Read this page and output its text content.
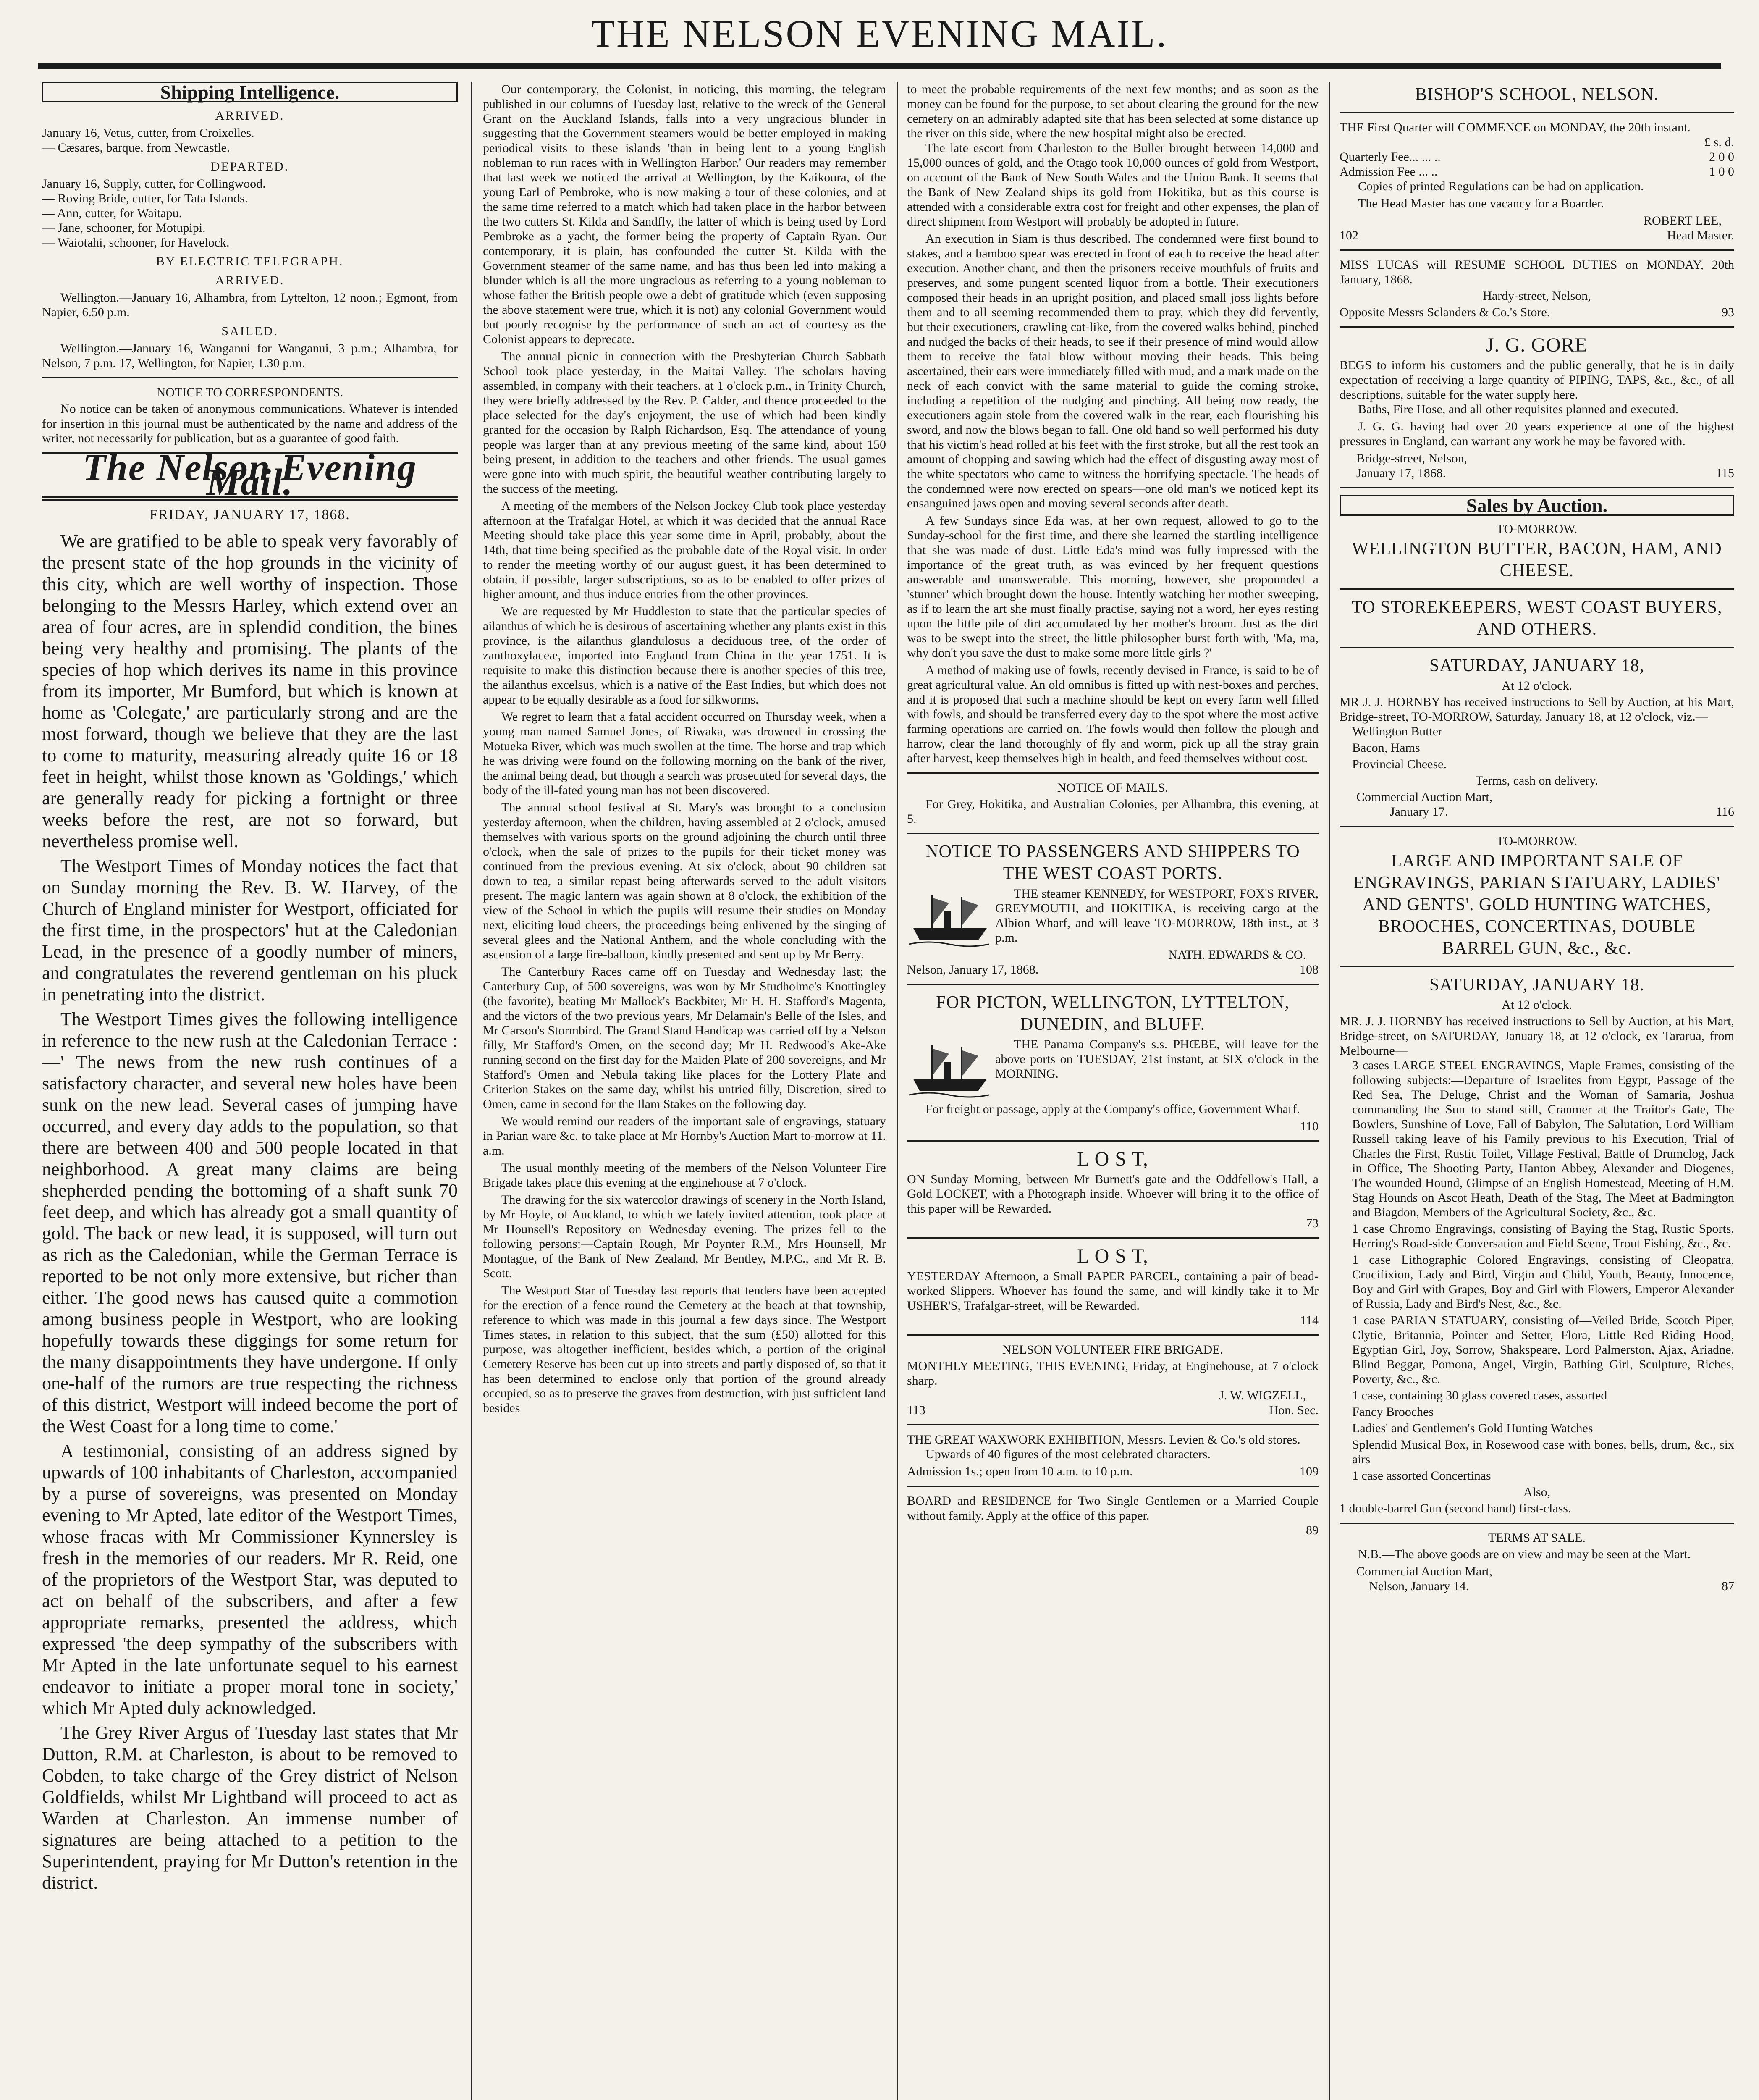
THE NELSON EVENING MAIL.
Shipping Intelligence.

ARRIVED.

January 16, Vetus, cutter, from Croixelles.

— Cæsares, barque, from Newcastle.

DEPARTED.

January 16, Supply, cutter, for Collingwood.

— Roving Bride, cutter, for Tata Islands.

— Ann, cutter, for Waitapu.

— Jane, schooner, for Motupipi.

— Waiotahi, schooner, for Havelock.

BY ELECTRIC TELEGRAPH.

ARRIVED.

Wellington.—January 16, Alhambra, from Lyttelton, 12 noon.; Egmont, from Napier, 6.50 p.m.

SAILED.

Wellington.—January 16, Wanganui for Wanganui, 3 p.m.; Alhambra, for Nelson, 7 p.m. 17, Wellington, for Napier, 1.30 p.m.

NOTICE TO CORRESPONDENTS.

No notice can be taken of anonymous communications. Whatever is intended for insertion in this journal must be authenticated by the name and address of the writer, not necessarily for publication, but as a guarantee of good faith.

The Nelson Evening Mail.
FRIDAY, JANUARY 17, 1868.

We are gratified to be able to speak very favorably of the present state of the hop grounds in the vicinity of this city, which are well worthy of inspection. Those belonging to the Messrs Harley, which extend over an area of four acres, are in splendid condition, the bines being very healthy and promising. The plants of the species of hop which derives its name in this province from its importer, Mr Bumford, but which is known at home as 'Colegate,' are particularly strong and are the most forward, though we believe that they are the last to come to maturity, measuring already quite 16 or 18 feet in height, whilst those known as 'Goldings,' which are generally ready for picking a fortnight or three weeks before the rest, are not so forward, but nevertheless promise well.

The Westport Times of Monday notices the fact that on Sunday morning the Rev. B. W. Harvey, of the Church of England minister for Westport, officiated for the first time, in the prospectors' hut at the Caledonian Lead, in the presence of a goodly number of miners, and congratulates the reverend gentleman on his pluck in penetrating into the district.

The Westport Times gives the following intelligence in reference to the new rush at the Caledonian Terrace :—' The news from the new rush continues of a satisfactory character, and several new holes have been sunk on the new lead. Several cases of jumping have occurred, and every day adds to the population, so that there are between 400 and 500 people located in that neighborhood. A great many claims are being shepherded pending the bottoming of a shaft sunk 70 feet deep, and which has already got a small quantity of gold. The back or new lead, it is supposed, will turn out as rich as the Caledonian, while the German Terrace is reported to be not only more extensive, but richer than either. The good news has caused quite a commotion among business people in Westport, who are looking hopefully towards these diggings for some return for the many disappointments they have undergone. If only one-half of the rumors are true respecting the richness of this district, Westport will indeed become the port of the West Coast for a long time to come.'

A testimonial, consisting of an address signed by upwards of 100 inhabitants of Charleston, accompanied by a purse of sovereigns, was presented on Monday evening to Mr Apted, late editor of the Westport Times, whose fracas with Mr Commissioner Kynnersley is fresh in the memories of our readers. Mr R. Reid, one of the proprietors of the Westport Star, was deputed to act on behalf of the subscribers, and after a few appropriate remarks, presented the address, which expressed 'the deep sympathy of the subscribers with Mr Apted in the late unfortunate sequel to his earnest endeavor to initiate a proper moral tone in society,' which Mr Apted duly acknowledged.

The Grey River Argus of Tuesday last states that Mr Dutton, R.M. at Charleston, is about to be removed to Cobden, to take charge of the Grey district of Nelson Goldfields, whilst Mr Lightband will proceed to act as Warden at Charleston. An immense number of signatures are being attached to a petition to the Superintendent, praying for Mr Dutton's retention in the district.

Our contemporary, the Colonist, in noticing, this morning, the telegram published in our columns of Tuesday last, relative to the wreck of the General Grant on the Auckland Islands, falls into a very ungracious blunder in suggesting that the Government steamers would be better employed in making periodical visits to these islands 'than in being lent to a young English nobleman to run races with in Wellington Harbor.' Our readers may remember that last week we noticed the arrival at Wellington, by the Kaikoura, of the young Earl of Pembroke, who is now making a tour of these colonies, and at the same time referred to a match which had taken place in the harbor between the two cutters St. Kilda and Sandfly, the latter of which is being used by Lord Pembroke as a yacht, the former being the property of Captain Ryan. Our contemporary, it is plain, has confounded the cutter St. Kilda with the Government steamer of the same name, and has thus been led into making a blunder which is all the more ungracious as referring to a young nobleman to whose father the British people owe a debt of gratitude which (even supposing the above statement were true, which it is not) any colonial Government would but poorly recognise by the performance of such an act of courtesy as the Colonist appears to deprecate.

The annual picnic in connection with the Presbyterian Church Sabbath School took place yesterday, in the Maitai Valley. The scholars having assembled, in company with their teachers, at 1 o'clock p.m., in Trinity Church, they were briefly addressed by the Rev. P. Calder, and thence proceeded to the place selected for the day's enjoyment, the use of which had been kindly granted for the occasion by Ralph Richardson, Esq. The attendance of young people was larger than at any previous meeting of the same kind, about 150 being present, in addition to the teachers and other friends. The usual games were gone into with much spirit, the beautiful weather contributing largely to the success of the meeting.

A meeting of the members of the Nelson Jockey Club took place yesterday afternoon at the Trafalgar Hotel, at which it was decided that the annual Race Meeting should take place this year some time in April, probably, about the 14th, that time being specified as the probable date of the Royal visit. In order to render the meeting worthy of our august guest, it has been determined to obtain, if possible, larger subscriptions, so as to be enabled to offer prizes of higher amount, and thus induce entries from the other provinces.

We are requested by Mr Huddleston to state that the particular species of ailanthus of which he is desirous of ascertaining whether any plants exist in this province, is the ailanthus glandulosus a deciduous tree, of the order of zanthoxylaceæ, imported into England from China in the year 1751. It is requisite to make this distinction because there is another species of this tree, the ailanthus excelsus, which is a native of the East Indies, but which does not appear to be equally desirable as a food for silkworms.

We regret to learn that a fatal accident occurred on Thursday week, when a young man named Samuel Jones, of Riwaka, was drowned in crossing the Motueka River, which was much swollen at the time. The horse and trap which he was driving were found on the following morning on the bank of the river, the animal being dead, but though a search was prosecuted for several days, the body of the ill-fated young man has not been discovered.

The annual school festival at St. Mary's was brought to a conclusion yesterday afternoon, when the children, having assembled at 2 o'clock, amused themselves with various sports on the ground adjoining the church until three o'clock, when the sale of prizes to the pupils for their ticket money was continued from the previous evening. At six o'clock, about 90 children sat down to tea, a similar repast being afterwards served to the adult visitors present. The magic lantern was again shown at 8 o'clock, the exhibition of the view of the School in which the pupils will resume their studies on Monday next, eliciting loud cheers, the proceedings being enlivened by the singing of several glees and the National Anthem, and the whole concluding with the ascension of a large fire-balloon, kindly presented and sent up by Mr Berry.

The Canterbury Races came off on Tuesday and Wednesday last; the Canterbury Cup, of 500 sovereigns, was won by Mr Studholme's Knottingley (the favorite), beating Mr Mallock's Backbiter, Mr H. H. Stafford's Magenta, and the victors of the two previous years, Mr Delamain's Belle of the Isles, and Mr Carson's Stormbird. The Grand Stand Handicap was carried off by a Nelson filly, Mr Stafford's Omen, on the second day; Mr H. Redwood's Ake-Ake running second on the first day for the Maiden Plate of 200 sovereigns, and Mr Stafford's Omen and Nebula taking like places for the Lottery Plate and Criterion Stakes on the same day, whilst his untried filly, Discretion, sired to Omen, came in second for the Ilam Stakes on the following day.

We would remind our readers of the important sale of engravings, statuary in Parian ware &c. to take place at Mr Hornby's Auction Mart to-morrow at 11. a.m.

The usual monthly meeting of the members of the Nelson Volunteer Fire Brigade takes place this evening at the enginehouse at 7 o'clock.

The drawing for the six watercolor drawings of scenery in the North Island, by Mr Hoyle, of Auckland, to which we lately invited attention, took place at Mr Hounsell's Repository on Wednesday evening. The prizes fell to the following persons:—Captain Rough, Mr Poynter R.M., Mrs Hounsell, Mr Montague, of the Bank of New Zealand, Mr Bentley, M.P.C., and Mr R. B. Scott.

The Westport Star of Tuesday last reports that tenders have been accepted for the erection of a fence round the Cemetery at the beach at that township, reference to which was made in this journal a few days since. The Westport Times states, in relation to this subject, that the sum (£50) allotted for this purpose, was altogether inefficient, besides which, a portion of the original Cemetery Reserve has been cut up into streets and partly disposed of, so that it has been determined to enclose only that portion of the ground already occupied, so as to preserve the graves from destruction, with just sufficient land besides

to meet the probable requirements of the next few months; and as soon as the money can be found for the purpose, to set about clearing the ground for the new cemetery on an admirably adapted site that has been selected at some distance up the river on this side, where the new hospital might also be erected.

The late escort from Charleston to the Buller brought between 14,000 and 15,000 ounces of gold, and the Otago took 10,000 ounces of gold from Westport, on account of the Bank of New South Wales and the Union Bank. It seems that the Bank of New Zealand ships its gold from Hokitika, but as this course is attended with a considerable extra cost for freight and other expenses, the plan of direct shipment from Westport will probably be adopted in future.

An execution in Siam is thus described. The condemned were first bound to stakes, and a bamboo spear was erected in front of each to receive the head after execution. Another chant, and then the prisoners receive mouthfuls of fruits and preserves, and some pungent scented liquor from a bottle. Their executioners composed their heads in an upright position, and placed small joss lights before them and to all seeming recommended them to pray, which they did fervently, but their executioners, crawling cat-like, from the covered walks behind, pinched and nudged the backs of their heads, to see if their presence of mind would allow them to receive the fatal blow without moving their heads. This being ascertained, their ears were immediately filled with mud, and a mark made on the neck of each convict with the same material to guide the coming stroke, including a repetition of the nudging and pinching. All being now ready, the executioners again stole from the covered walk in the rear, each flourishing his sword, and now the blows began to fall. One old hand so well performed his duty that his victim's head rolled at his feet with the first stroke, but all the rest took an amount of chopping and sawing which had the effect of disgusting away most of the white spectators who came to witness the horrifying spectacle. The heads of the condemned were now erected on spears—one old man's we noticed kept its ensanguined jaws open and moving several seconds after death.

A few Sundays since Eda was, at her own request, allowed to go to the Sunday-school for the first time, and there she learned the startling intelligence that she was made of dust. Little Eda's mind was fully impressed with the importance of the great truth, as was evinced by her frequent questions answerable and unanswerable. This morning, however, she propounded a 'stunner' which brought down the house. Intently watching her mother sweeping, as if to learn the art she must finally practise, saying not a word, her eyes resting upon the little pile of dirt accumulated by her mother's broom. Just as the dirt was to be swept into the street, the little philosopher burst forth with, 'Ma, ma, why don't you save the dust to make some more little girls ?'

A method of making use of fowls, recently devised in France, is said to be of great agricultural value. An old omnibus is fitted up with nest-boxes and perches, and it is proposed that such a machine should be kept on every farm well filled with fowls, and should be transferred every day to the spot where the most active farming operations are carried on. The fowls would then follow the plough and harrow, clear the land thoroughly of fly and worm, pick up all the stray grain after harvest, keep themselves high in health, and feed themselves without cost.

NOTICE OF MAILS.

For Grey, Hokitika, and Australian Colonies, per Alhambra, this evening, at 5.

NOTICE TO PASSENGERS AND SHIPPERS TO THE WEST COAST PORTS.

THE steamer KENNEDY, for WESTPORT, FOX'S RIVER, GREYMOUTH, and HOKITIKA, is receiving cargo at the Albion Wharf, and will leave TO-MORROW, 18th inst., at 3 p.m.

NATH. EDWARDS & CO.

Nelson, January 17, 1868.	108
FOR PICTON, WELLINGTON, LYTTELTON, DUNEDIN, and BLUFF.

THE Panama Company's s.s. PHŒBE, will leave for the above ports on TUESDAY, 21st instant, at SIX o'clock in the MORNING.

For freight or passage, apply at the Company's office, Government Wharf.

110

L O S T,

ON Sunday Morning, between Mr Burnett's gate and the Oddfellow's Hall, a Gold LOCKET, with a Photograph inside. Whoever will bring it to the office of this paper will be Rewarded.

73

L O S T,

YESTERDAY Afternoon, a Small PAPER PARCEL, containing a pair of bead-worked Slippers. Whoever has found the same, and will kindly take it to Mr USHER'S, Trafalgar-street, will be Rewarded.

114

NELSON VOLUNTEER FIRE BRIGADE.

MONTHLY MEETING, THIS EVENING, Friday, at Enginehouse, at 7 o'clock sharp.

J. W. WIGZELL,

113	Hon. Sec.

THE GREAT WAXWORK EXHIBITION, Messrs. Levien & Co.'s old stores.

Upwards of 40 figures of the most celebrated characters.

Admission 1s.; open from 10 a.m. to 10 p.m.	109

BOARD and RESIDENCE for Two Single Gentlemen or a Married Couple without family. Apply at the office of this paper.

89

BISHOP'S SCHOOL, NELSON.

THE First Quarter will COMMENCE on MONDAY, the 20th instant.

£ s. d.

Quarterly Fee... ... ..	2 0 0
Admission Fee ... ..	1 0 0

Copies of printed Regulations can be had on application.

The Head Master has one vacancy for a Boarder.

ROBERT LEE,

102	Head Master.

MISS LUCAS will RESUME SCHOOL DUTIES on MONDAY, 20th January, 1868.

Hardy-street, Nelson,

Opposite Messrs Sclanders & Co.'s Store.	93
J. G. GORE

BEGS to inform his customers and the public generally, that he is in daily expectation of receiving a large quantity of PIPING, TAPS, &c., &c., of all descriptions, suitable for the water supply here.

Baths, Fire Hose, and all other requisites planned and executed.

J. G. G. having had over 20 years experience at one of the highest pressures in England, can warrant any work he may be favored with.

Bridge-street, Nelson,

January 17, 1868.	115
Sales by Auction.

TO-MORROW.

WELLINGTON BUTTER, BACON, HAM, AND CHEESE.
TO STOREKEEPERS, WEST COAST BUYERS, AND OTHERS.
SATURDAY, JANUARY 18,

At 12 o'clock.

MR J. J. HORNBY has received instructions to Sell by Auction, at his Mart, Bridge-street, TO-MORROW, Saturday, January 18, at 12 o'clock, viz.—

Wellington Butter

Bacon, Hams

Provincial Cheese.

Terms, cash on delivery.

Commercial Auction Mart,

January 17.	116

TO-MORROW.

LARGE AND IMPORTANT SALE OF ENGRAVINGS, PARIAN STATUARY, LADIES' AND GENTS'. GOLD HUNTING WATCHES, BROOCHES, CONCERTINAS, DOUBLE BARREL GUN, &c., &c.
SATURDAY, JANUARY 18.

At 12 o'clock.

MR. J. J. HORNBY has received instructions to Sell by Auction, at his Mart, Bridge-street, on SATURDAY, January 18, at 12 o'clock, ex Tararua, from Melbourne—

3 cases LARGE STEEL ENGRAVINGS, Maple Frames, consisting of the following subjects:—Departure of Israelites from Egypt, Passage of the Red Sea, The Deluge, Christ and the Woman of Samaria, Joshua commanding the Sun to stand still, Cranmer at the Traitor's Gate, The Bowlers, Sunshine of Love, Fall of Babylon, The Salutation, Lord William Russell taking leave of his Family previous to his Execution, Trial of Charles the First, Rustic Toilet, Village Festival, Battle of Drumclog, Jack in Office, The Shooting Party, Hanton Abbey, Alexander and Diogenes, The wounded Hound, Glimpse of an English Homestead, Meeting of H.M. Stag Hounds on Ascot Heath, Death of the Stag, The Meet at Badmington and Biagdon, Members of the Agricultural Society, &c., &c.

1 case Chromo Engravings, consisting of Baying the Stag, Rustic Sports, Herring's Road-side Conversation and Field Scene, Trout Fishing, &c., &c.

1 case Lithographic Colored Engravings, consisting of Cleopatra, Crucifixion, Lady and Bird, Virgin and Child, Youth, Beauty, Innocence, Boy and Girl with Grapes, Boy and Girl with Flowers, Emperor Alexander of Russia, Lady and Bird's Nest, &c., &c.

1 case PARIAN STATUARY, consisting of—Veiled Bride, Scotch Piper, Clytie, Britannia, Pointer and Setter, Flora, Little Red Riding Hood, Egyptian Girl, Joy, Sorrow, Shakspeare, Lord Palmerston, Ajax, Ariadne, Blind Beggar, Pomona, Angel, Virgin, Bathing Girl, Sculpture, Riches, Poverty, &c., &c.

1 case, containing 30 glass covered cases, assorted

Fancy Brooches

Ladies' and Gentlemen's Gold Hunting Watches

Splendid Musical Box, in Rosewood case with bones, bells, drum, &c., six airs

1 case assorted Concertinas

Also,

1 double-barrel Gun (second hand) first-class.

TERMS AT SALE.

N.B.—The above goods are on view and may be seen at the Mart.

Commercial Auction Mart,

Nelson, January 14.	87
